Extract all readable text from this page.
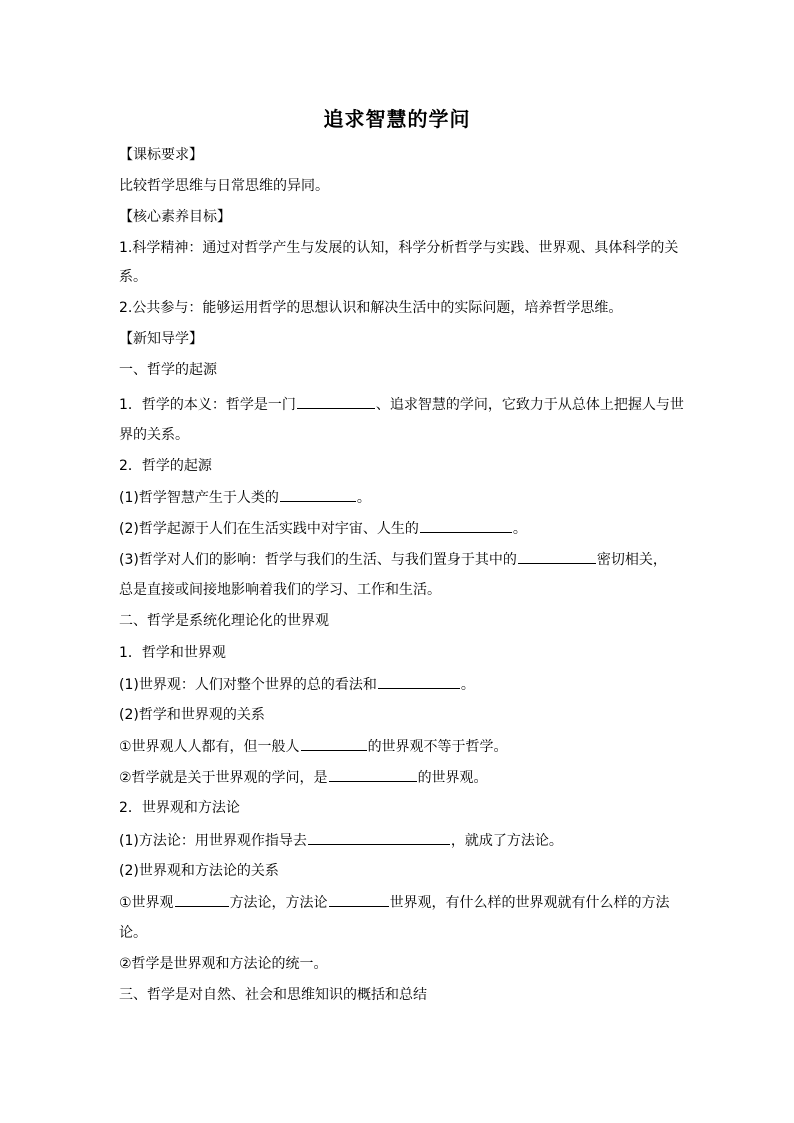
追求智慧的学问
【课标要求】
比较哲学思维与日常思维的异同。
【核心素养目标】
1.科学精神：通过对哲学产生与发展的认知，科学分析哲学与实践、世界观、具体科学的关
系。
2.公共参与：能够运用哲学的思想认识和解决生活中的实际问题，培养哲学思维。
【新知导学】
一、哲学的起源
1．哲学的本义：哲学是一门	、追求智慧的学问，它致力于从总体上把握人与世
界的关系。
2．哲学的起源
(1)哲学智慧产生于人类的	。
(2)哲学起源于人们在生活实践中对宇宙、人生的	。
(3)哲学对人们的影响：哲学与我们的生活、与我们置身于其中的	密切相关，
总是直接或间接地影响着我们的学习、工作和生活。
二、哲学是系统化理论化的世界观
1．哲学和世界观
(1)世界观：人们对整个世界的总的看法和	。
(2)哲学和世界观的关系
①世界观人人都有，但一般人	的世界观不等于哲学。
②哲学就是关于世界观的学问，是	的世界观。
2．世界观和方法论
(1)方法论：用世界观作指导去	，就成了方法论。
(2)世界观和方法论的关系
①世界观	方法论，方法论	世界观，有什么样的世界观就有什么样的方法
论。
②哲学是世界观和方法论的统一。
三、哲学是对自然、社会和思维知识的概括和总结
